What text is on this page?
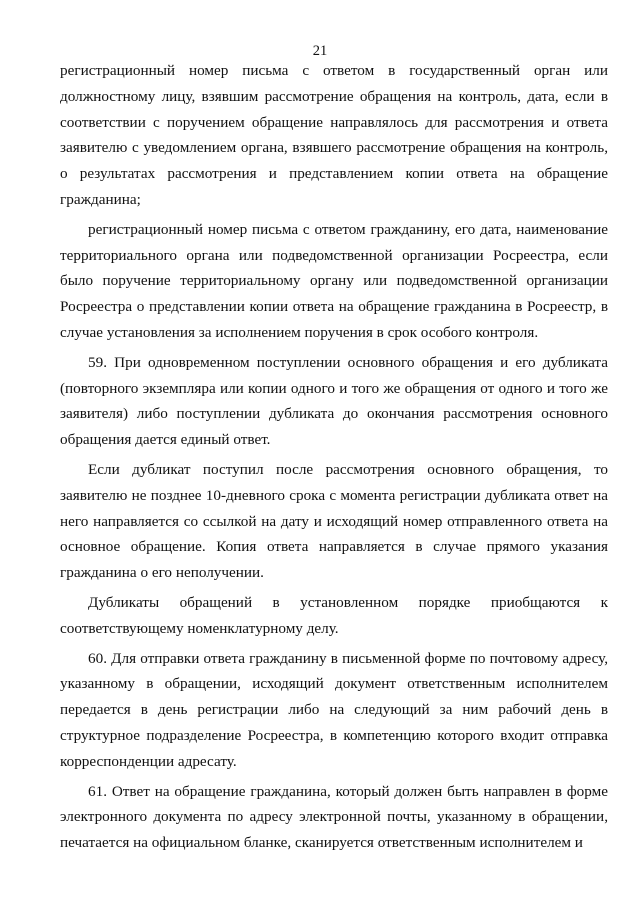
21

регистрационный номер письма с ответом в государственный орган или должностному лицу, взявшим рассмотрение обращения на контроль, дата, если в соответствии с поручением обращение направлялось для рассмотрения и ответа заявителю с уведомлением органа, взявшего рассмотрение обращения на контроль, о результатах рассмотрения и представлением копии ответа на обращение гражданина;

регистрационный номер письма с ответом гражданину, его дата, наименование территориального органа или подведомственной организации Росреестра, если было поручение территориальному органу или подведомственной организации Росреестра о представлении копии ответа на обращение гражданина в Росреестр, в случае установления за исполнением поручения в срок особого контроля.

59. При одновременном поступлении основного обращения и его дубликата (повторного экземпляра или копии одного и того же обращения от одного и того же заявителя) либо поступлении дубликата до окончания рассмотрения основного обращения дается единый ответ.

Если дубликат поступил после рассмотрения основного обращения, то заявителю не позднее 10-дневного срока с момента регистрации дубликата ответ на него направляется со ссылкой на дату и исходящий номер отправленного ответа на основное обращение. Копия ответа направляется в случае прямого указания гражданина о его неполучении.

Дубликаты обращений в установленном порядке приобщаются к соответствующему номенклатурному делу.

60. Для отправки ответа гражданину в письменной форме по почтовому адресу, указанному в обращении, исходящий документ ответственным исполнителем передается в день регистрации либо на следующий за ним рабочий день в структурное подразделение Росреестра, в компетенцию которого входит отправка корреспонденции адресату.

61. Ответ на обращение гражданина, который должен быть направлен в форме электронного документа по адресу электронной почты, указанному в обращении, печатается на официальном бланке, сканируется ответственным исполнителем и
